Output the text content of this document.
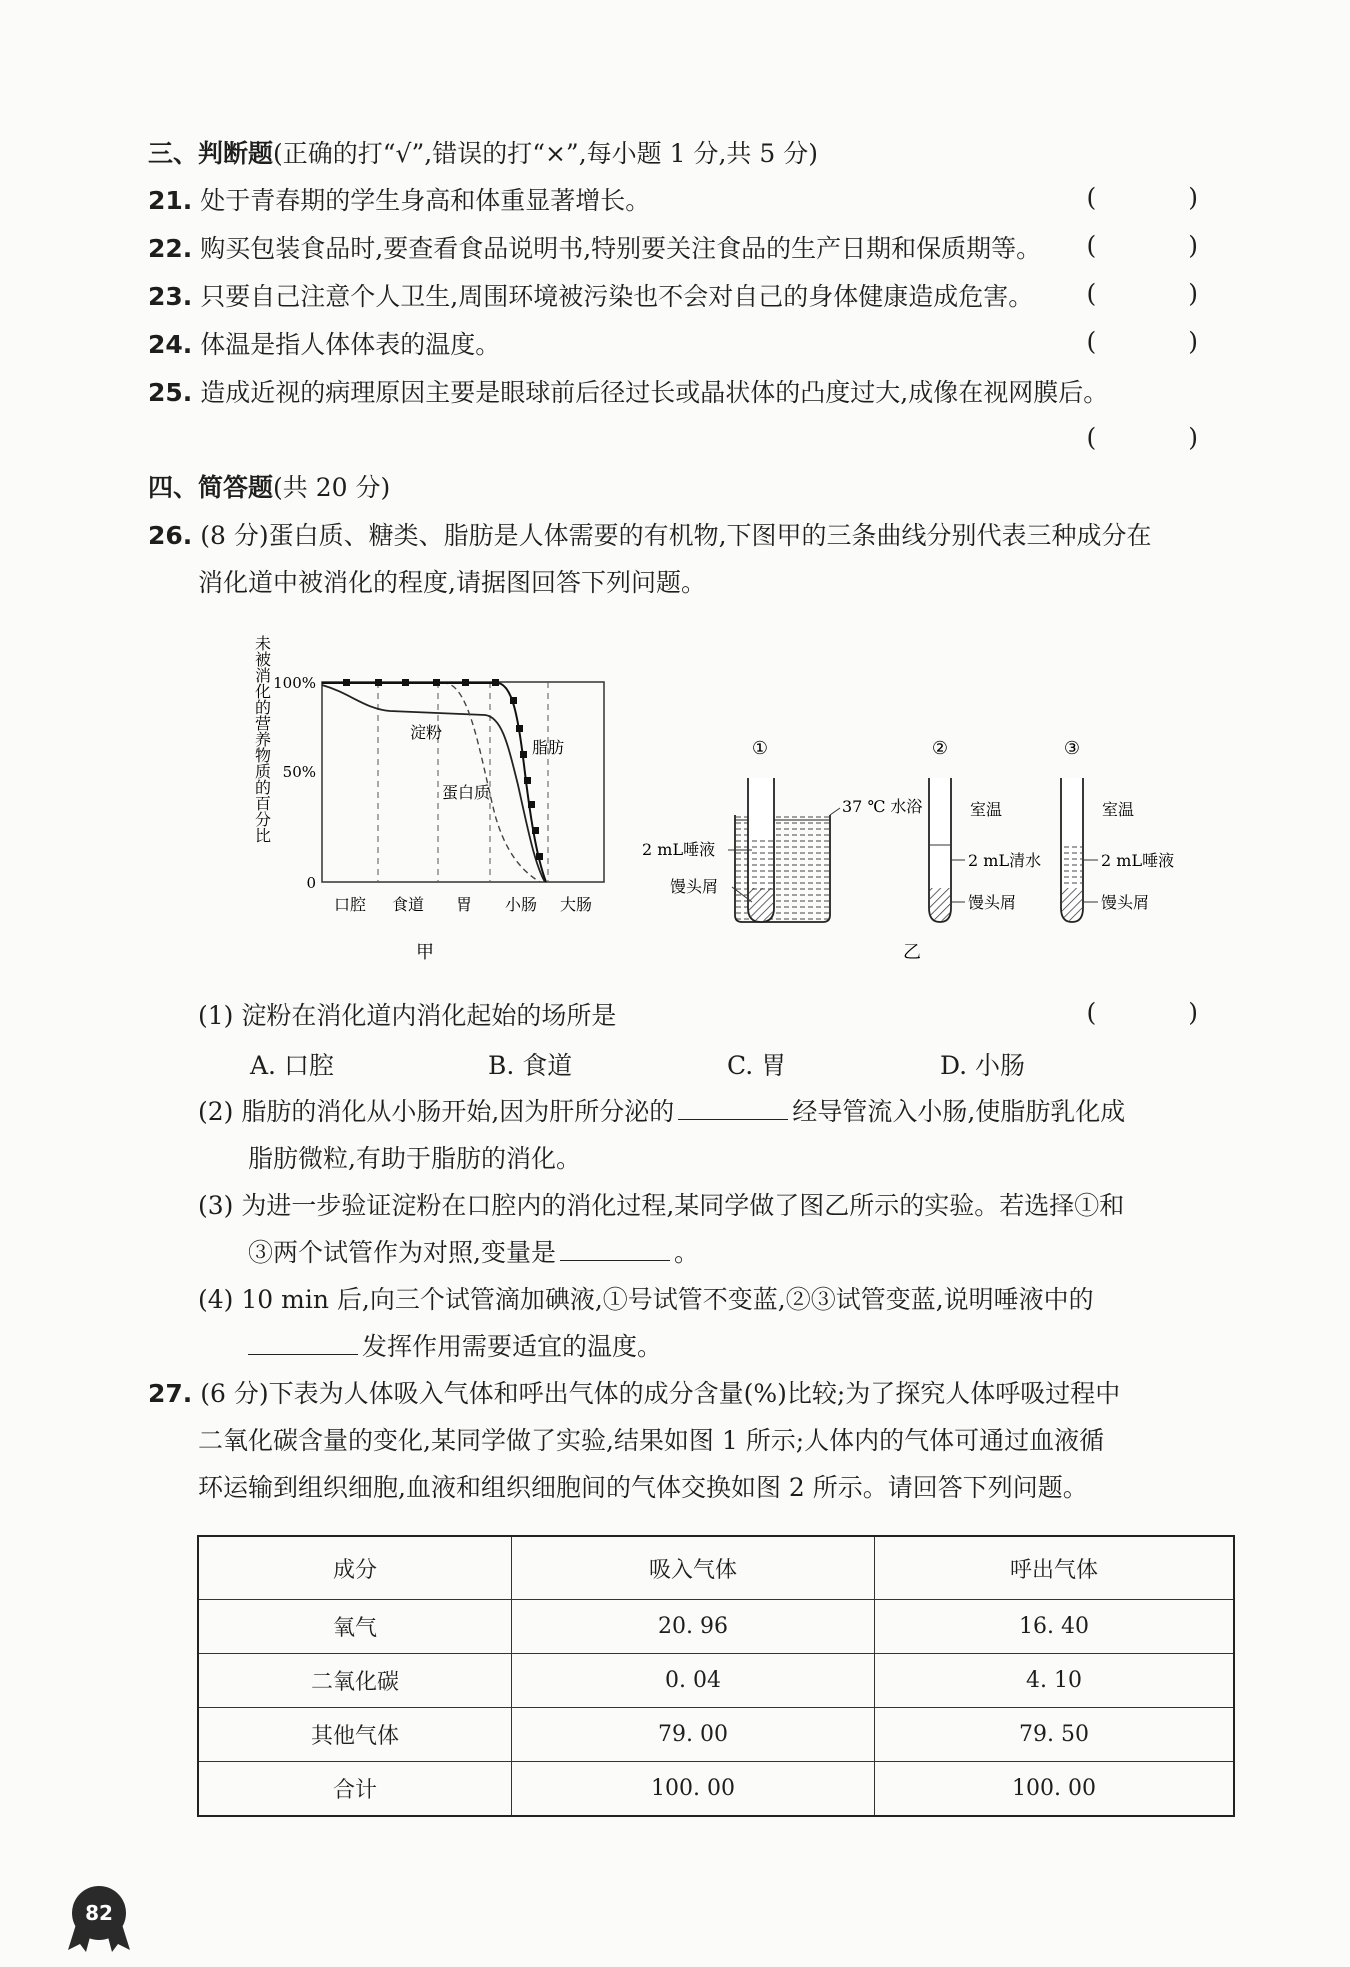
三、判断题(正确的打“√”,错误的打“×”,每小题 1 分,共 5 分)
21. 处于青春期的学生身高和体重显著增长。	( )
22. 购买包装食品时,要查看食品说明书,特别要关注食品的生产日期和保质期等。 ( )
23. 只要自己注意个人卫生,周围环境被污染也不会对自己的身体健康造成危害。 ( )
24. 体温是指人体体表的温度。	( )
25. 造成近视的病理原因主要是眼球前后径过长或晶状体的凸度过大,成像在视网膜后。
( )
四、简答题(共 20 分)
26. (8 分)蛋白质、糖类、脂肪是人体需要的有机物,下图甲的三条曲线分别代表三种成分在
消化道中被消化的程度,请据图回答下列问题。
未被消化的营养物质的百分比 100%
50%
0
口腔 食道 胃 小肠 大肠
淀粉
蛋白质
脂肪
甲
①	②	③
37 ℃ 水浴
2 mL唾液
馒头屑
室温
2 mL清水
馒头屑
室温
2 mL唾液
馒头屑
乙
(1) 淀粉在消化道内消化起始的场所是	( )
A. 口腔	B. 食道	C. 胃	D. 小肠
(2) 脂肪的消化从小肠开始,因为肝所分泌的	经导管流入小肠,使脂肪乳化成
脂肪微粒,有助于脂肪的消化。
(3) 为进一步验证淀粉在口腔内的消化过程,某同学做了图乙所示的实验。若选择①和
③两个试管作为对照,变量是	。
(4) 10 min 后,向三个试管滴加碘液,①号试管不变蓝,②③试管变蓝,说明唾液中的
发挥作用需要适宜的温度。
27. (6 分)下表为人体吸入气体和呼出气体的成分含量(%)比较;为了探究人体呼吸过程中
二氧化碳含量的变化,某同学做了实验,结果如图 1 所示;人体内的气体可通过血液循
环运输到组织细胞,血液和组织细胞间的气体交换如图 2 所示。请回答下列问题。
成分	吸入气体	呼出气体
氧气	20. 96	16. 40
二氧化碳	0. 04	4. 10
其他气体	79. 00	79. 50
合计	100. 00	100. 00
82
